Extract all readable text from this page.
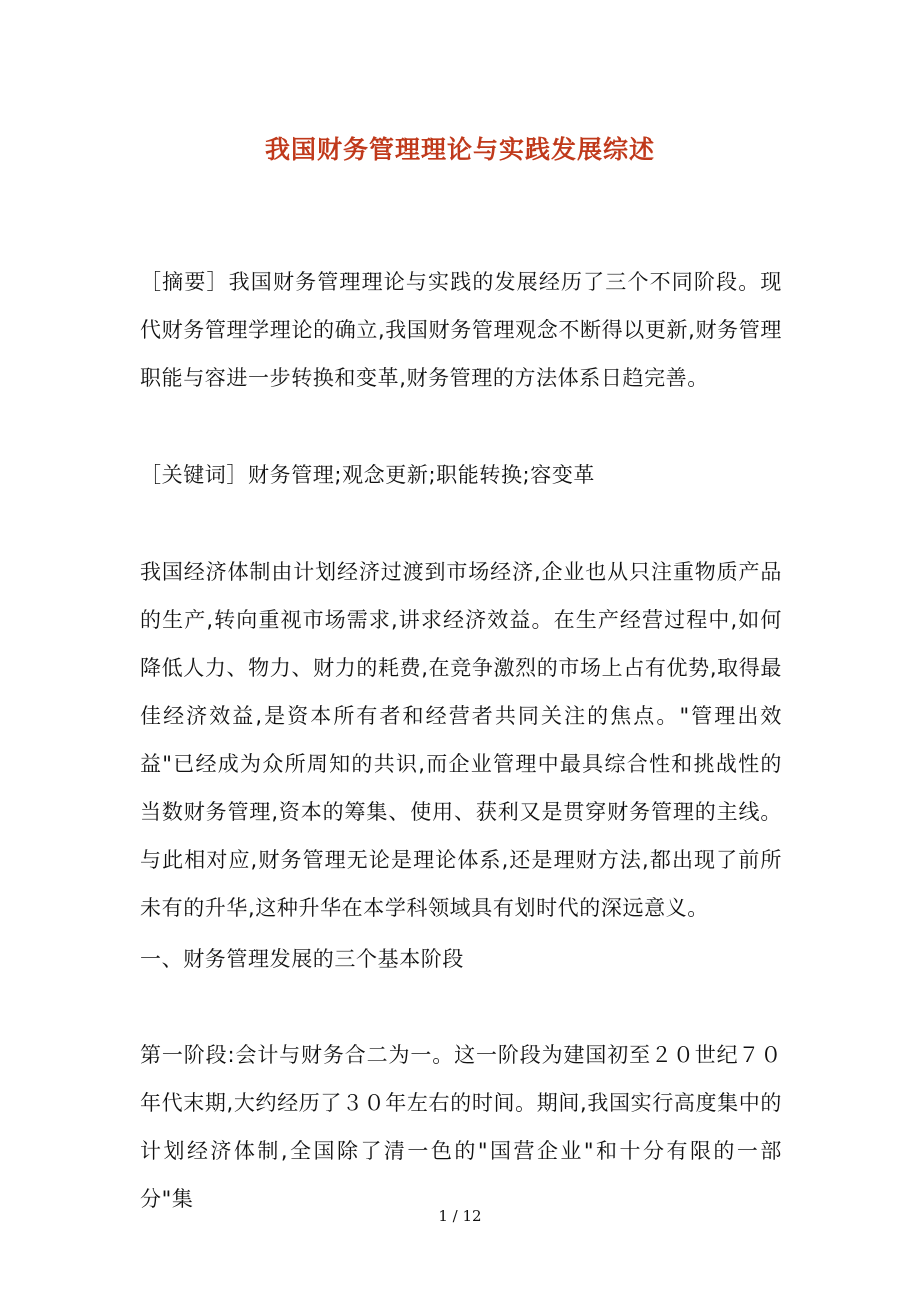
我国财务管理理论与实践发展综述

［摘要］我国财务管理理论与实践的发展经历了三个不同阶段。现代财务管理学理论的确立,我国财务管理观念不断得以更新,财务管理职能与容进一步转换和变革,财务管理的方法体系日趋完善。

［关键词］财务管理;观念更新;职能转换;容变革

我国经济体制由计划经济过渡到市场经济,企业也从只注重物质产品的生产,转向重视市场需求,讲求经济效益。在生产经营过程中,如何降低人力、物力、财力的耗费,在竞争激烈的市场上占有优势,取得最佳经济效益,是资本所有者和经营者共同关注的焦点。"管理出效益"已经成为众所周知的共识,而企业管理中最具综合性和挑战性的当数财务管理,资本的筹集、使用、获利又是贯穿财务管理的主线。与此相对应,财务管理无论是理论体系,还是理财方法,都出现了前所未有的升华,这种升华在本学科领域具有划时代的深远意义。

一、财务管理发展的三个基本阶段

第一阶段:会计与财务合二为一。这一阶段为建国初至２０世纪７０年代末期,大约经历了３０年左右的时间。期间,我国实行高度集中的计划经济体制,全国除了清一色的"国营企业"和十分有限的一部分"集

1 / 12
